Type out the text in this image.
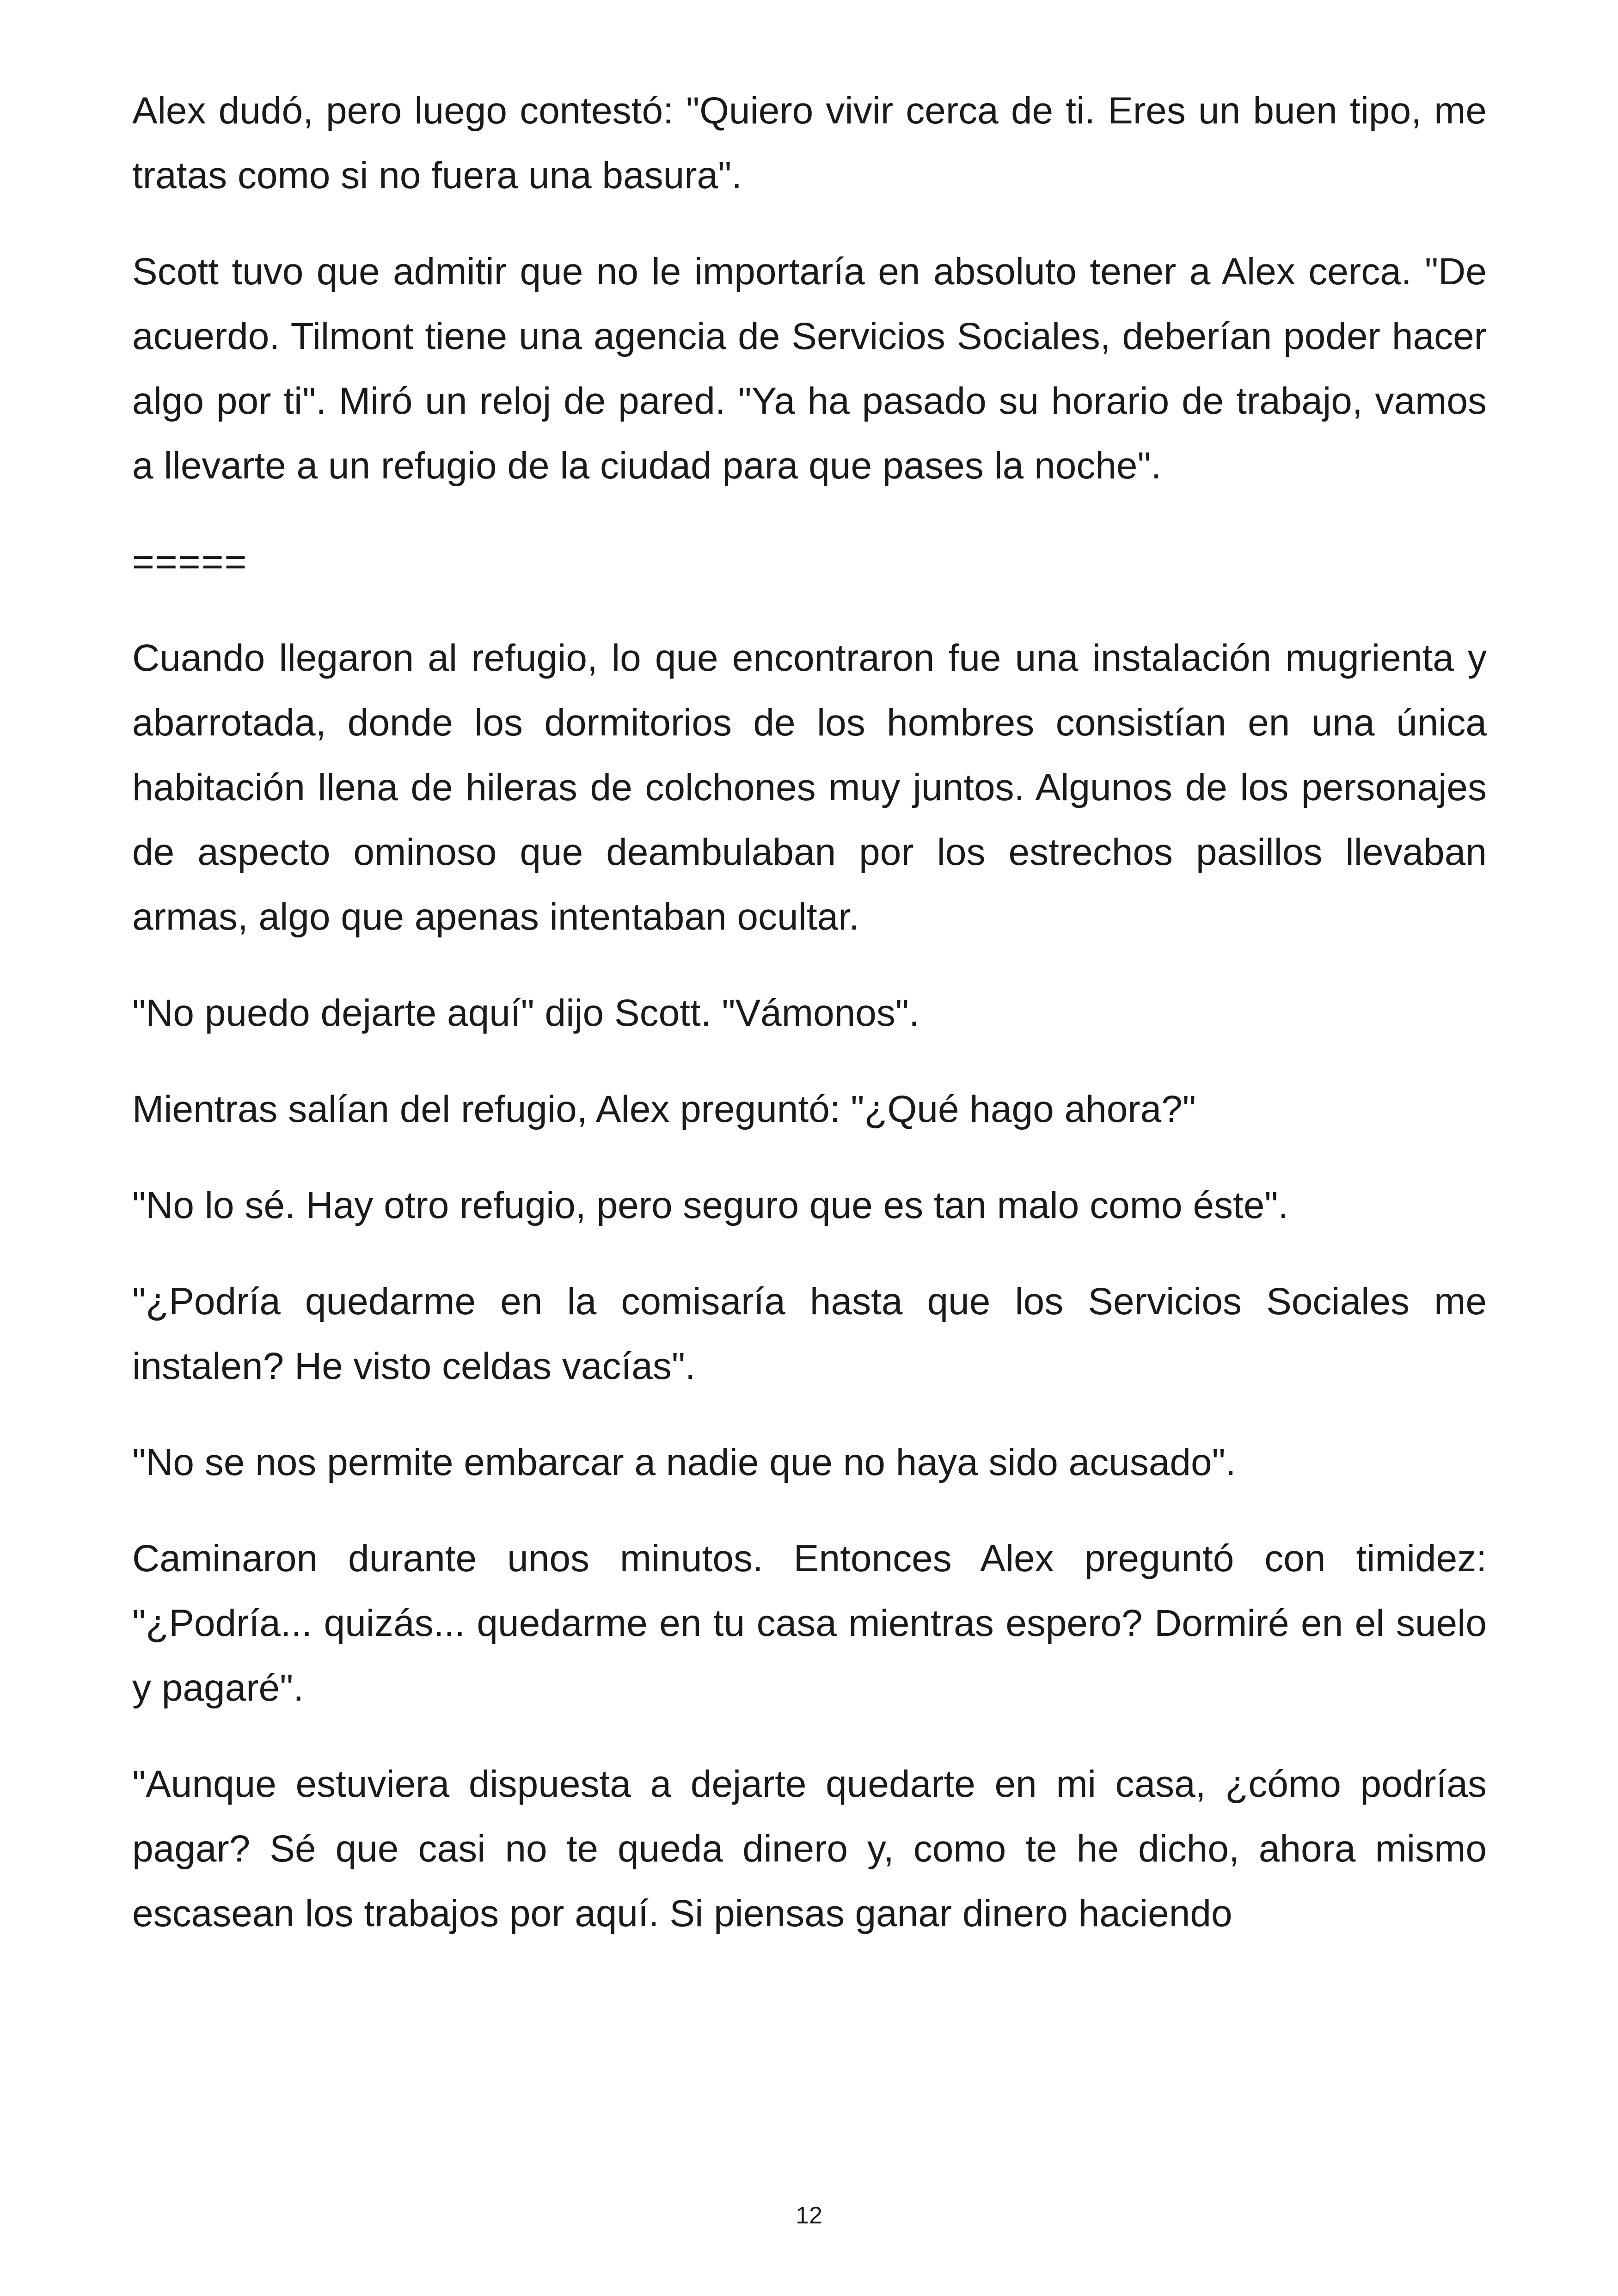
Alex dudó, pero luego contestó: "Quiero vivir cerca de ti. Eres un buen tipo, me tratas como si no fuera una basura".

Scott tuvo que admitir que no le importaría en absoluto tener a Alex cerca. "De acuerdo. Tilmont tiene una agencia de Servicios Sociales, deberían poder hacer algo por ti". Miró un reloj de pared. "Ya ha pasado su horario de trabajo, vamos a llevarte a un refugio de la ciudad para que pases la noche".

=====

Cuando llegaron al refugio, lo que encontraron fue una instalación mugrienta y abarrotada, donde los dormitorios de los hombres consistían en una única habitación llena de hileras de colchones muy juntos. Algunos de los personajes de aspecto ominoso que deambulaban por los estrechos pasillos llevaban armas, algo que apenas intentaban ocultar.

"No puedo dejarte aquí" dijo Scott. "Vámonos".

Mientras salían del refugio, Alex preguntó: "¿Qué hago ahora?"

"No lo sé. Hay otro refugio, pero seguro que es tan malo como éste".

"¿Podría quedarme en la comisaría hasta que los Servicios Sociales me instalen? He visto celdas vacías".

"No se nos permite embarcar a nadie que no haya sido acusado".

Caminaron durante unos minutos. Entonces Alex preguntó con timidez: "¿Podría... quizás... quedarme en tu casa mientras espero? Dormiré en el suelo y pagaré".

"Aunque estuviera dispuesta a dejarte quedarte en mi casa, ¿cómo podrías pagar? Sé que casi no te queda dinero y, como te he dicho, ahora mismo escasean los trabajos por aquí. Si piensas ganar dinero haciendo

12
